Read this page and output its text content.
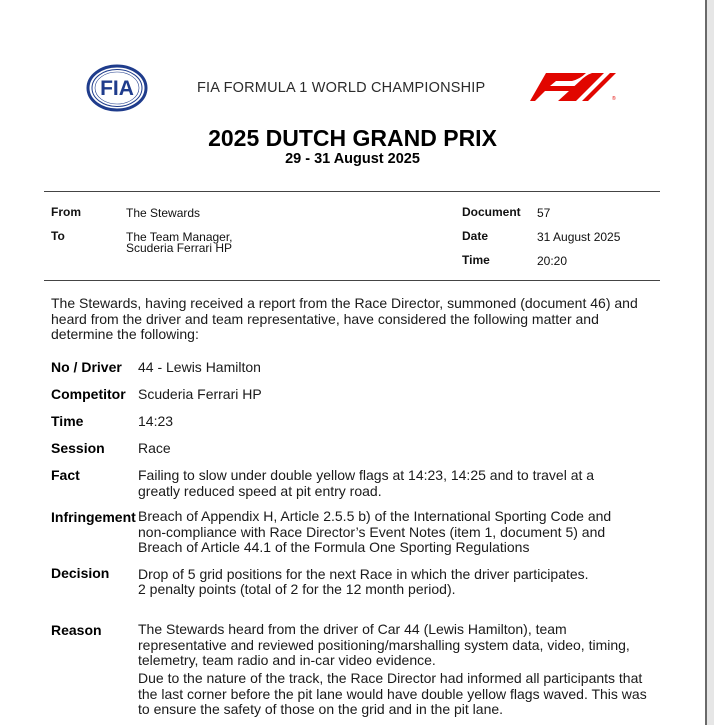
FIA	FIA FORMULA 1 WORLD CHAMPIONSHIP
®
2025 DUTCH GRAND PRIX
29 - 31 August 2025
From	The Stewards
To	The Team Manager,
Scuderia Ferrari HP
Document 57
Date	31 August 2025
Time	20:20
The Stewards, having received a report from the Race Director, summoned (document 46) and heard from the driver and team representative, have considered the following matter and determine the following:
No / Driver 44 - Lewis Hamilton
Competitor Scuderia Ferrari HP
Time	14:23
Session Race
Fact	Failing to slow under double yellow flags at 14:23, 14:25 and to travel at a greatly reduced speed at pit entry road.
Infringement Breach of Appendix H, Article 2.5.5 b) of the International Sporting Code and non-compliance with Race Director’s Event Notes (item 1, document 5) and Breach of Article 44.1 of the Formula One Sporting Regulations
Decision Drop of 5 grid positions for the next Race in which the driver participates.
2 penalty points (total of 2 for the 12 month period).
Reason	The Stewards heard from the driver of Car 44 (Lewis Hamilton), team representative and reviewed positioning/marshalling system data, video, timing, telemetry, team radio and in-car video evidence.
Due to the nature of the track, the Race Director had informed all participants that the last corner before the pit lane would have double yellow flags waved. This was to ensure the safety of those on the grid and in the pit lane.
